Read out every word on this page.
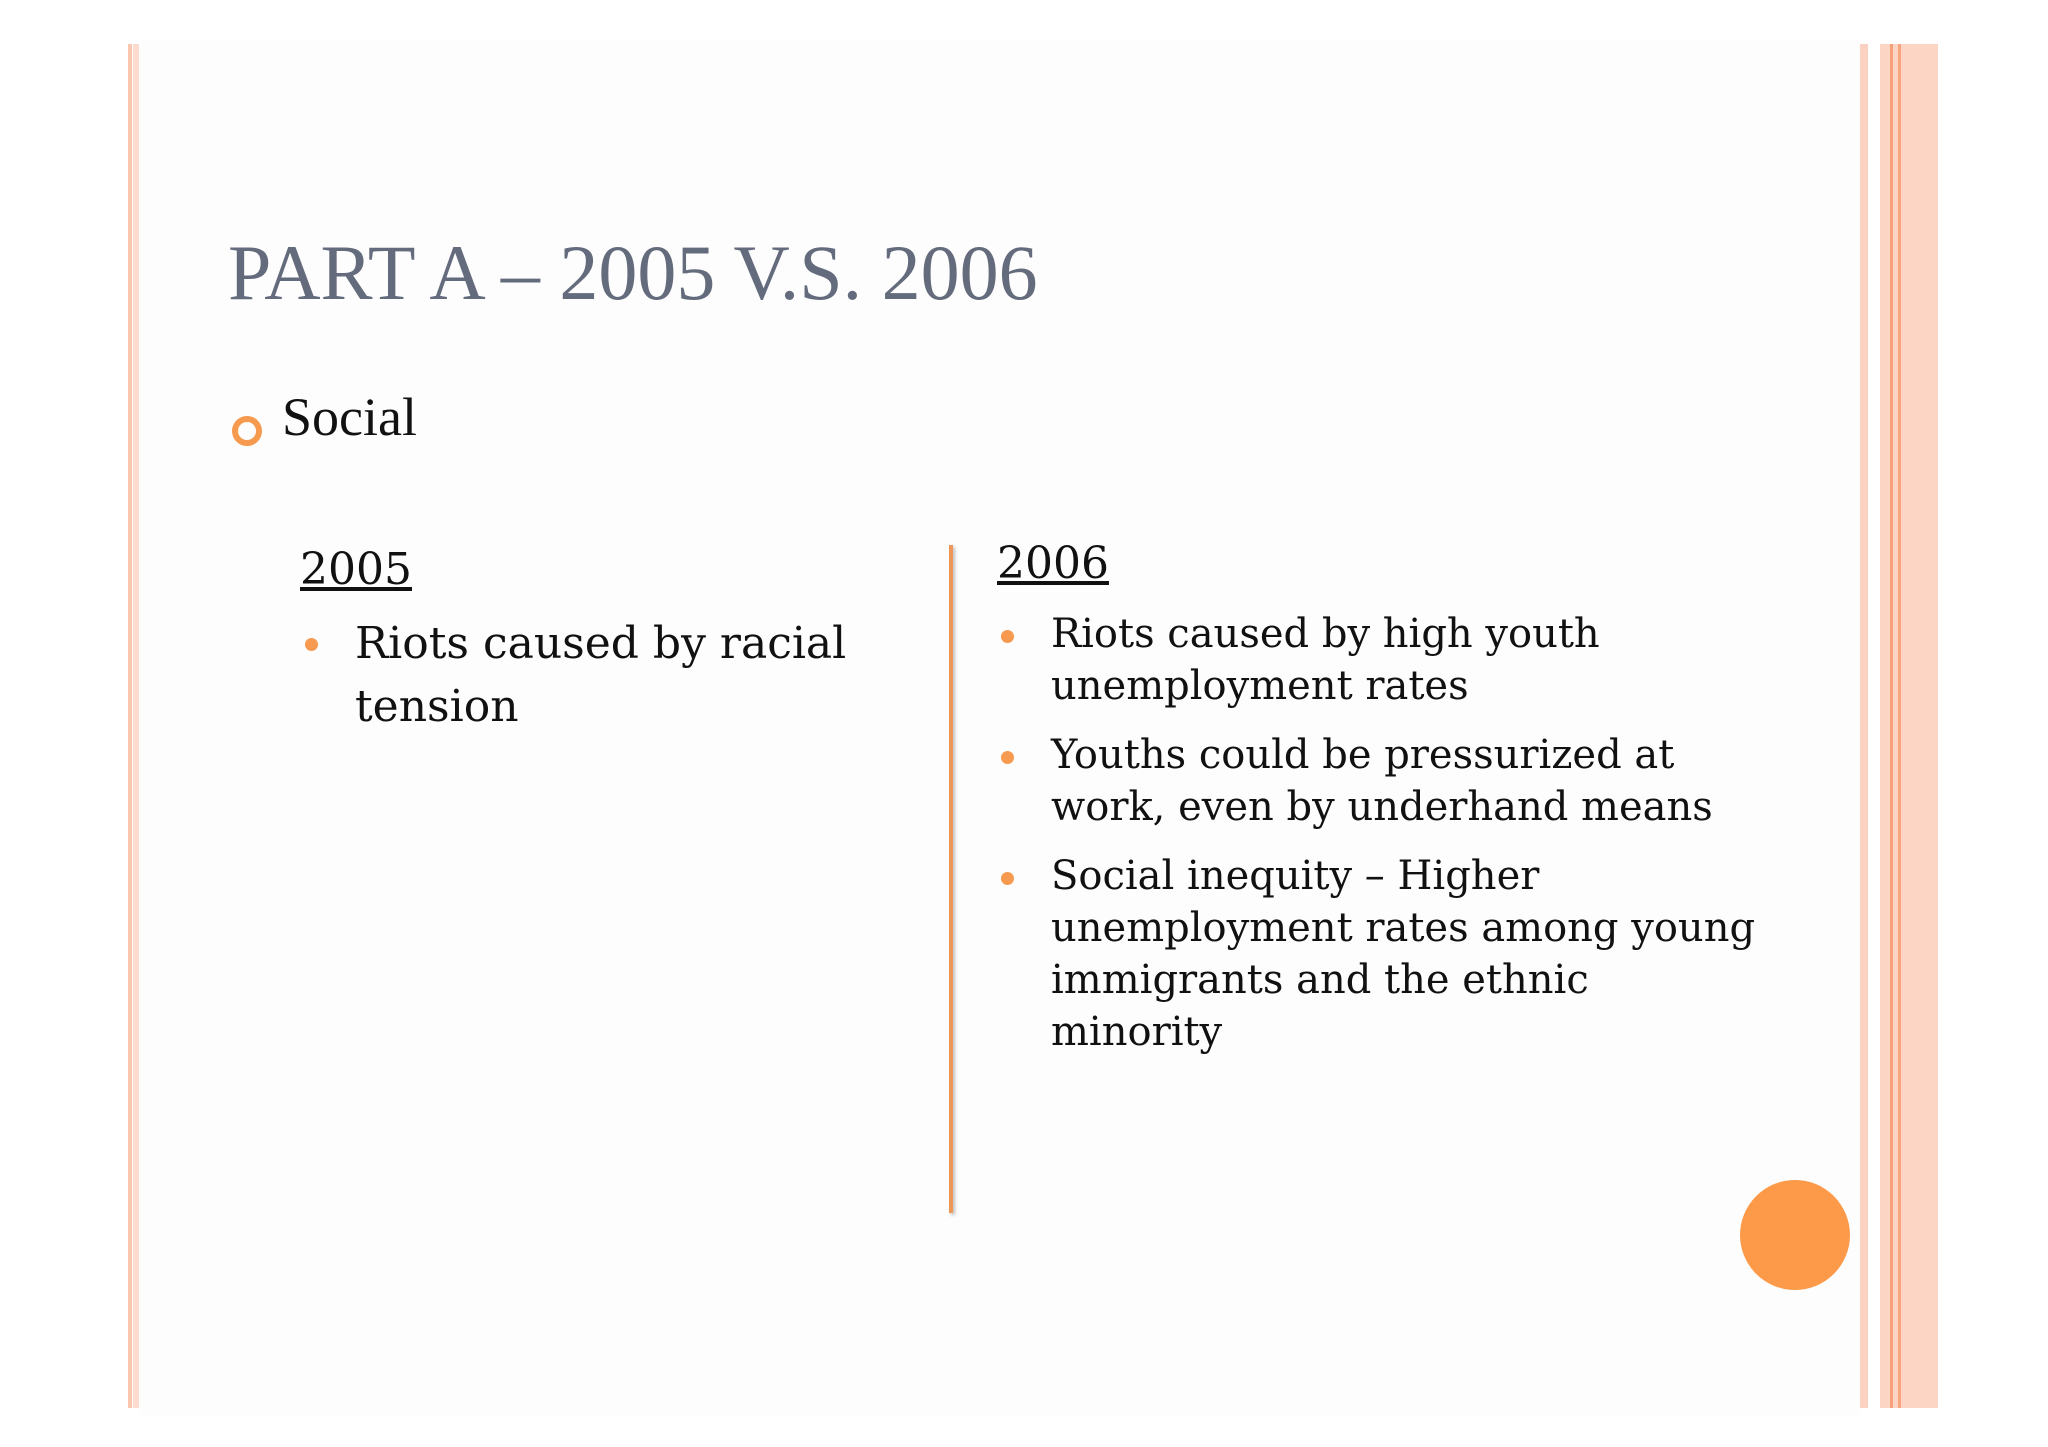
PART A – 2005 V.S. 2006
Social
2005
Riots caused by racial tension
2006
Riots caused by high youth unemployment rates
Youths could be pressurized at work, even by underhand means
Social inequity – Higher unemployment rates among young immigrants and the ethnic minority
